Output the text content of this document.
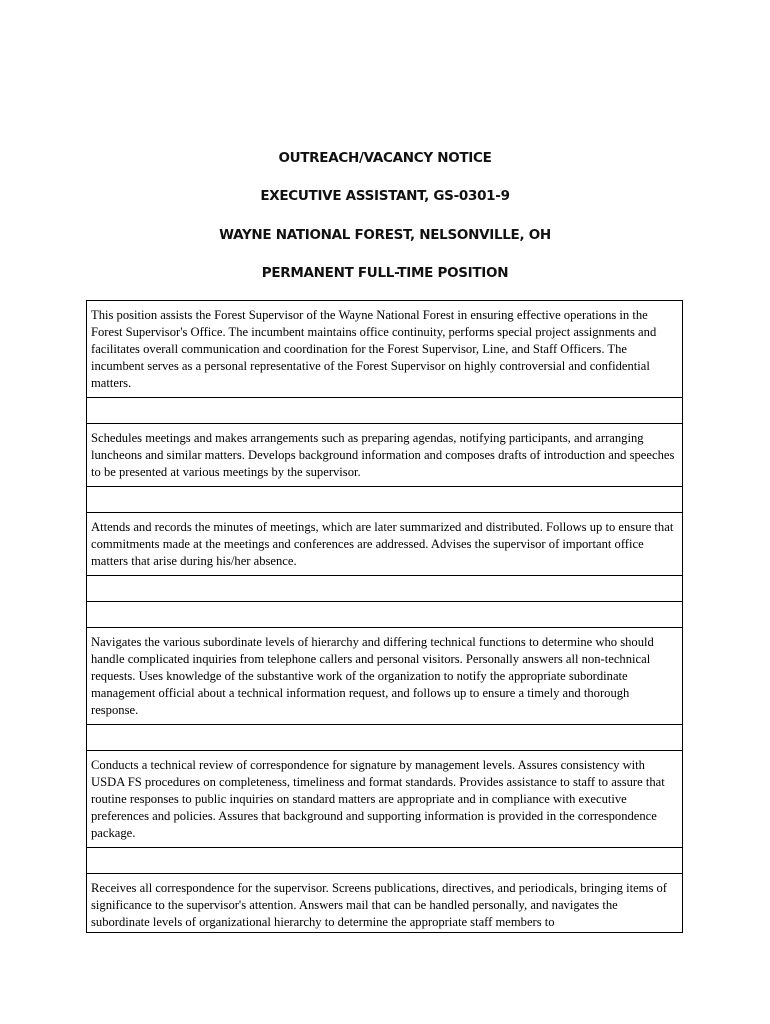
OUTREACH/VACANCY NOTICE
EXECUTIVE ASSISTANT, GS-0301-9
WAYNE NATIONAL FOREST, NELSONVILLE, OH
PERMANENT FULL-TIME POSITION
This position assists the Forest Supervisor of the Wayne National Forest in ensuring effective operations in the Forest Supervisor's Office. The incumbent maintains office continuity, performs special project assignments and facilitates overall communication and coordination for the Forest Supervisor, Line, and Staff Officers. The incumbent serves as a personal representative of the Forest Supervisor on highly controversial and confidential matters.
Schedules meetings and makes arrangements such as preparing agendas, notifying participants, and arranging luncheons and similar matters. Develops background information and composes drafts of introduction and speeches to be presented at various meetings by the supervisor.
Attends and records the minutes of meetings, which are later summarized and distributed. Follows up to ensure that commitments made at the meetings and conferences are addressed. Advises the supervisor of important office matters that arise during his/her absence.
Navigates the various subordinate levels of hierarchy and differing technical functions to determine who should handle complicated inquiries from telephone callers and personal visitors. Personally answers all non-technical requests. Uses knowledge of the substantive work of the organization to notify the appropriate subordinate management official about a technical information request, and follows up to ensure a timely and thorough response.
Conducts a technical review of correspondence for signature by management levels. Assures consistency with USDA FS procedures on completeness, timeliness and format standards. Provides assistance to staff to assure that routine responses to public inquiries on standard matters are appropriate and in compliance with executive preferences and policies. Assures that background and supporting information is provided in the correspondence package.
Receives all correspondence for the supervisor. Screens publications, directives, and periodicals, bringing items of significance to the supervisor's attention. Answers mail that can be handled personally, and navigates the subordinate levels of organizational hierarchy to determine the appropriate staff members to
